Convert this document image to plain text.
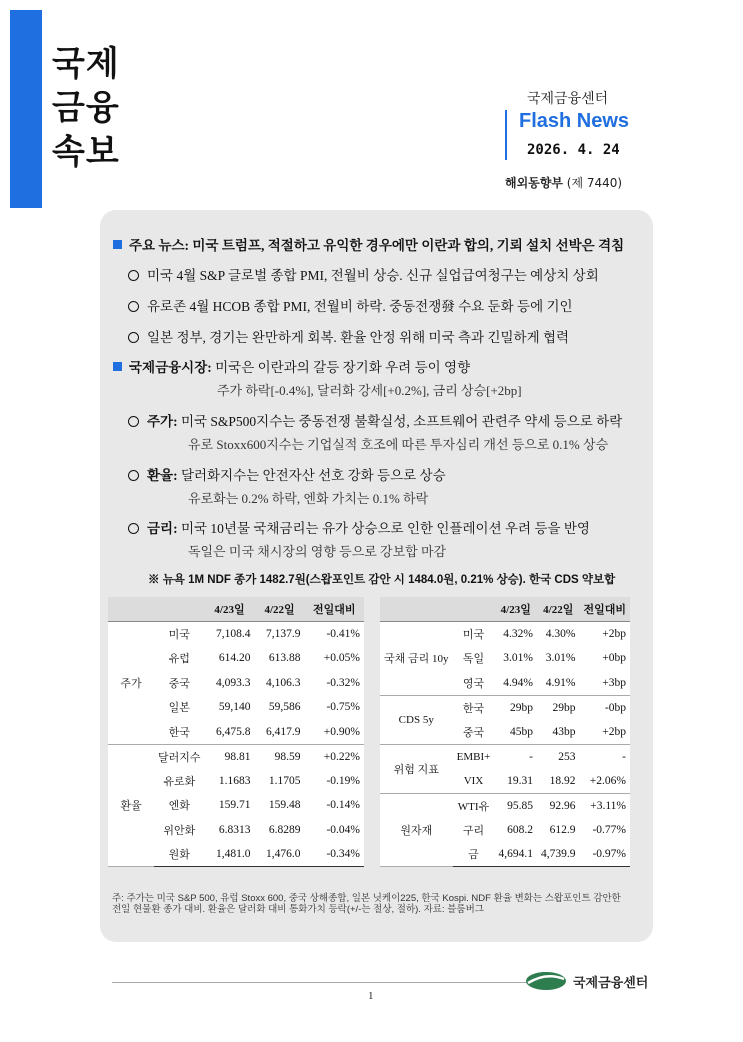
국제
금융
속보
국제금융센터
Flash News
2026. 4. 24
해외동향부 (제 7440)
주요 뉴스: 미국 트럼프, 적절하고 유익한 경우에만 이란과 합의, 기뢰 설치 선박은 격침
미국 4월 S&P 글로벌 종합 PMI, 전월비 상승. 신규 실업급여청구는 예상치 상회
유로존 4월 HCOB 종합 PMI, 전월비 하락. 중동전쟁發 수요 둔화 등에 기인
일본 정부, 경기는 완만하게 회복. 환율 안정 위해 미국 측과 긴밀하게 협력
국제금융시장: 미국은 이란과의 갈등 장기화 우려 등이 영향
주가 하락[-0.4%], 달러화 강세[+0.2%], 금리 상승[+2bp]
주가: 미국 S&P500지수는 중동전쟁 불확실성, 소프트웨어 관련주 약세 등으로 하락
유로 Stoxx600지수는 기업실적 호조에 따른 투자심리 개선 등으로 0.1% 상승
환율: 달러화지수는 안전자산 선호 강화 등으로 상승
유로화는 0.2% 하락, 엔화 가치는 0.1% 하락
금리: 미국 10년물 국채금리는 유가 상승으로 인한 인플레이션 우려 등을 반영
독일은 미국 채시장의 영향 등으로 강보합 마감
※ 뉴욕 1M NDF 종가 1482.7원(스왑포인트 감안 시 1484.0원, 0.21% 상승). 한국 CDS 약보합
		4/23일	4/22일	전일대비
주가	미국	7,108.4	7,137.9	-0.41%
	유럽	614.20	613.88	+0.05%
	중국	4,093.3	4,106.3	-0.32%
	일본	59,140	59,586	-0.75%
	한국	6,475.8	6,417.9	+0.90%
환율	달러지수	98.81	98.59	+0.22%
	유로화	1.1683	1.1705	-0.19%
	엔화	159.71	159.48	-0.14%
	위안화	6.8313	6.8289	-0.04%
	원화	1,481.0	1,476.0	-0.34%
		4/23일	4/22일	전일대비
국채 금리 10y	미국	4.32%	4.30%	+2bp
	독일	3.01%	3.01%	+0bp
	영국	4.94%	4.91%	+3bp
CDS 5y	한국	29bp	29bp	-0bp
	중국	45bp	43bp	+2bp
위험 지표	EMBI+	-	253	-
	VIX	19.31	18.92	+2.06%
원자재	WTI유	95.85	92.96	+3.11%
	구리	608.2	612.9	-0.77%
	금	4,694.1	4,739.9	-0.97%
주: 주가는 미국 S&P 500, 유럽 Stoxx 600, 중국 상해종합, 일본 닛케이225, 한국 Kospi. NDF 환율 변화는 스왑포인트 감안한 전일 현물환 종가 대비. 환율은 달러화 대비 통화가치 등락(+/-는 절상, 절하). 자료: 블룸버그
국제금융센터
1
